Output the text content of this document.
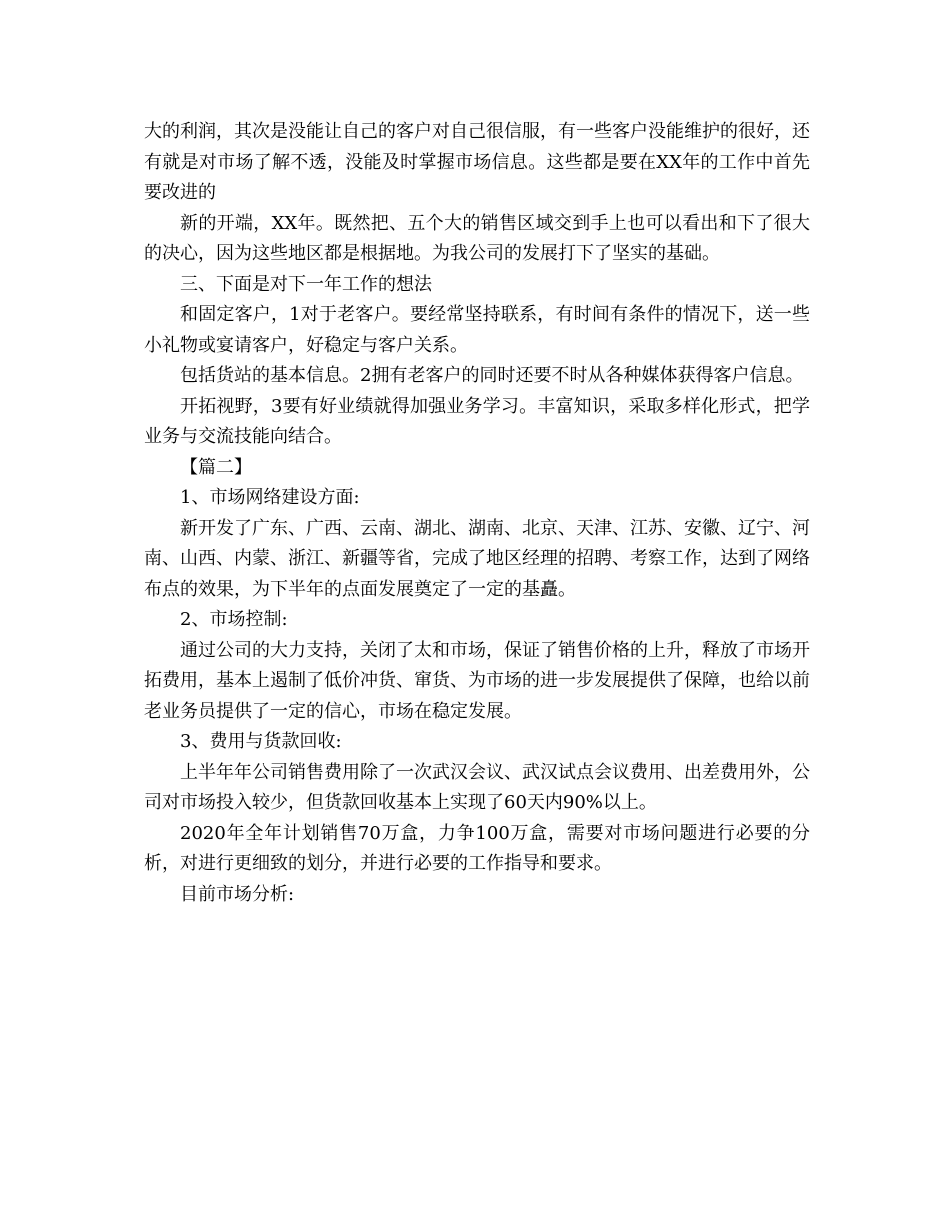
大的利润，其次是没能让自己的客户对自己很信服，有一些客户没能维护的很好，还有就是对市场了解不透，没能及时掌握市场信息。这些都是要在XX年的工作中首先要改进的

新的开端，XX年。既然把、五个大的销售区域交到手上也可以看出和下了很大的决心，因为这些地区都是根据地。为我公司的发展打下了坚实的基础。

三、下面是对下一年工作的想法

和固定客户，1对于老客户。要经常坚持联系，有时间有条件的情况下，送一些小礼物或宴请客户，好稳定与客户关系。

包括货站的基本信息。2拥有老客户的同时还要不时从各种媒体获得客户信息。

开拓视野，3要有好业绩就得加强业务学习。丰富知识，采取多样化形式，把学业务与交流技能向结合。

【篇二】

1、市场网络建设方面:

新开发了广东、广西、云南、湖北、湖南、北京、天津、江苏、安徽、辽宁、河南、山西、内蒙、浙江、新疆等省，完成了地区经理的招聘、考察工作，达到了网络布点的效果，为下半年的点面发展奠定了一定的基矗。

2、市场控制:

通过公司的大力支持，关闭了太和市场，保证了销售价格的上升，释放了市场开拓费用，基本上遏制了低价冲货、窜货、为市场的进一步发展提供了保障，也给以前老业务员提供了一定的信心，市场在稳定发展。

3、费用与货款回收:

上半年年公司销售费用除了一次武汉会议、武汉试点会议费用、出差费用外，公司对市场投入较少，但货款回收基本上实现了60天内90%以上。

2020年全年计划销售70万盒，力争100万盒，需要对市场问题进行必要的分析，对进行更细致的划分，并进行必要的工作指导和要求。

目前市场分析:
